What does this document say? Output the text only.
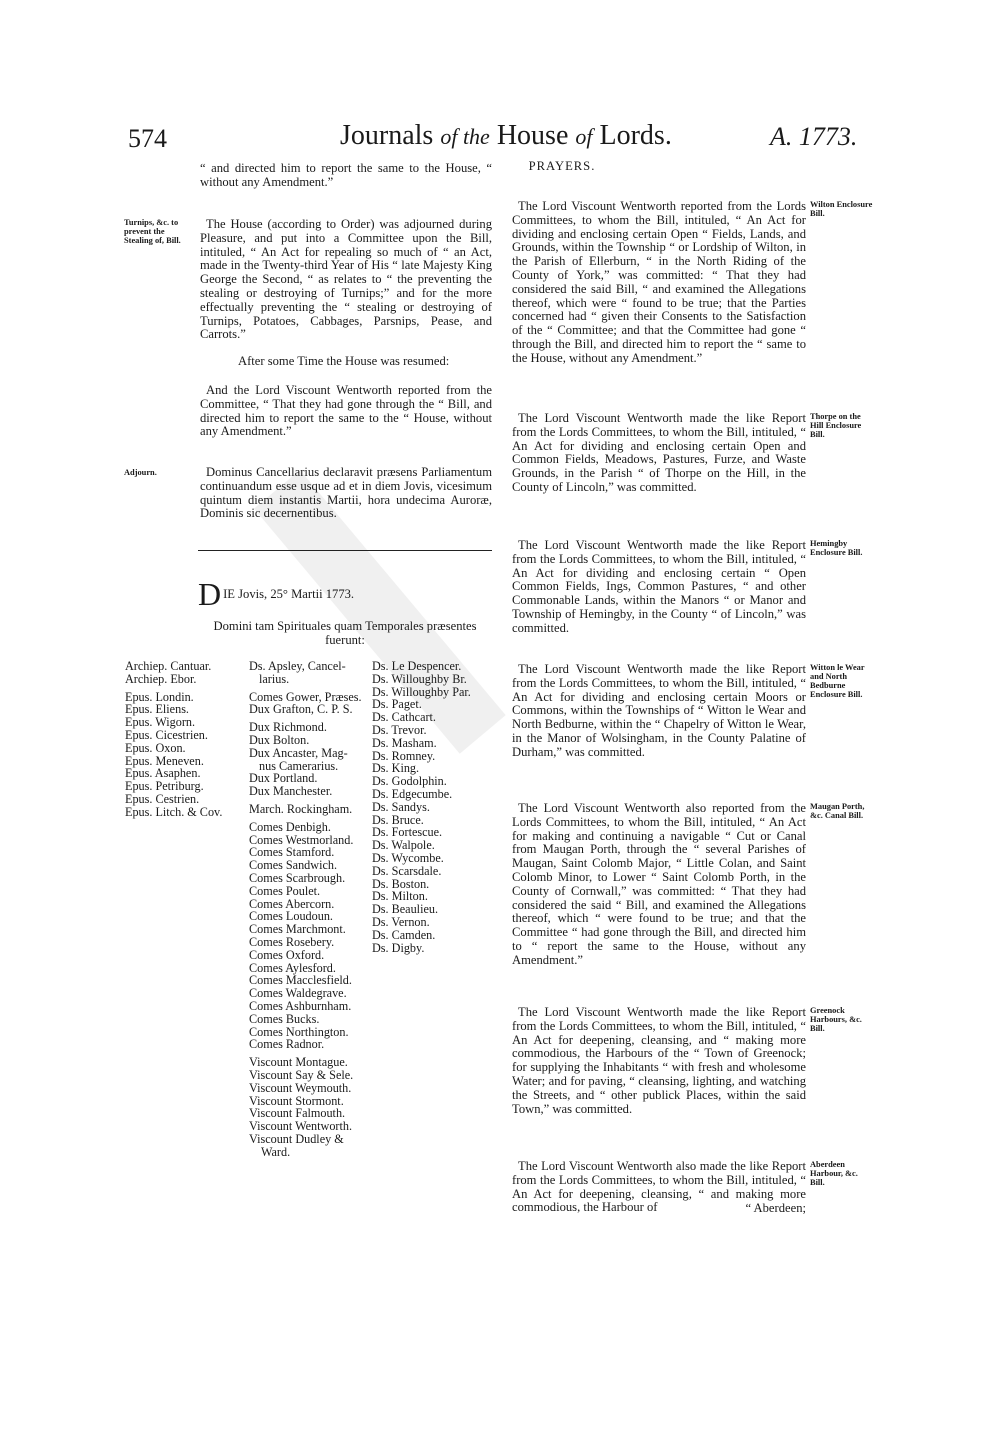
574	Journals of the House of Lords.	A. 1773.
“ and directed him to report the same to the House, “ without any Amendment.”
Turnips, &c. to prevent the Stealing of, Bill.
The House (according to Order) was adjourned during Pleasure, and put into a Committee upon the Bill, intituled, “ An Act for repealing so much of “ an Act, made in the Twenty-third Year of His “ late Majesty King George the Second, “ as relates to “ the preventing the stealing or destroying of Turnips;” and for the more effectually preventing the “ stealing or destroying of Turnips, Potatoes, Cabbages, Parsnips, Pease, and Carrots.”
After some Time the House was resumed:
And the Lord Viscount Wentworth reported from the Committee, “ That they had gone through the “ Bill, and directed him to report the same to the “ House, without any Amendment.”
Adjourn.	Dominus Cancellarius declaravit præsens Parliamentum continuandum esse usque ad et in diem Jovis, vicesimum quintum diem instantis Martii, hora undecima Auroræ, Dominis sic decernentibus.
D IE Jovis, 25° Martii 1773.
Domini tam Spirituales quam Temporales præsentes fuerunt:
Archiep. Cantuar.
Archiep. Ebor.
Epus. Londin.
Epus. Eliens.
Epus. Wigorn.
Epus. Cicestrien.
Epus. Oxon.
Epus. Meneven.
Epus. Asaphen.
Epus. Petriburg.
Epus. Cestrien.
Epus. Litch. & Cov.
Ds. Apsley, Cancel-
larius.
Comes Gower, Præses.
Dux Grafton, C. P. S.
Dux Richmond.
Dux Bolton.
Dux Ancaster, Mag-
nus Camerarius.
Dux Portland.
Dux Manchester.
March. Rockingham.
Comes Denbigh.
Comes Westmorland.
Comes Stamford.
Comes Sandwich.
Comes Scarbrough.
Comes Poulet.
Comes Abercorn.
Comes Loudoun.
Comes Marchmont.
Comes Rosebery.
Comes Oxford.
Comes Aylesford.
Comes Macclesfield.
Comes Waldegrave.
Comes Ashburnham.
Comes Bucks.
Comes Northington.
Comes Radnor.
Viscount Montague.
Viscount Say & Sele.
Viscount Weymouth.
Viscount Stormont.
Viscount Falmouth.
Viscount Wentworth.
Viscount Dudley &
Ward.
Ds. Le Despencer.
Ds. Willoughby Br.
Ds. Willoughby Par.
Ds. Paget.
Ds. Cathcart.
Ds. Trevor.
Ds. Masham.
Ds. Romney.
Ds. King.
Ds. Godolphin.
Ds. Edgecumbe.
Ds. Sandys.
Ds. Bruce.
Ds. Fortescue.
Ds. Walpole.
Ds. Wycombe.
Ds. Scarsdale.
Ds. Boston.
Ds. Milton.
Ds. Beaulieu.
Ds. Vernon.
Ds. Camden.
Ds. Digby.
PRAYERS.
The Lord Viscount Wentworth reported from the Lords Committees, to whom the Bill, intituled, “ An Act for dividing and enclosing certain Open “ Fields, Lands, and Grounds, within the Township “ or Lordship of Wilton, in the Parish of Ellerburn, “ in the North Riding of the County of York,” was committed: “ That they had considered the said Bill, “ and examined the Allegations thereof, which were “ found to be true; that the Parties concerned had “ given their Consents to the Satisfaction of the “ Committee; and that the Committee had gone “ through the Bill, and directed him to report the “ same to the House, without any Amendment.”
Wilton Enclosure Bill.
The Lord Viscount Wentworth made the like Report from the Lords Committees, to whom the Bill, intituled, “ An Act for dividing and enclosing certain Open and Common Fields, Meadows, Pastures, Furze, and Waste Grounds, in the Parish “ of Thorpe on the Hill, in the County of Lincoln,” was committed.
Thorpe on the Hill Enclosure Bill.
The Lord Viscount Wentworth made the like Report from the Lords Committees, to whom the Bill, intituled, “ An Act for dividing and enclosing certain “ Open Common Fields, Ings, Common Pastures, “ and other Commonable Lands, within the Manors “ or Manor and Township of Hemingby, in the County “ of Lincoln,” was committed.
Hemingby Enclosure Bill.
The Lord Viscount Wentworth made the like Report from the Lords Committees, to whom the Bill, intituled, “ An Act for dividing and enclosing certain Moors or Commons, within the Townships of “ Witton le Wear and North Bedburne, within the “ Chapelry of Witton le Wear, in the Manor of Wolsingham, in the County Palatine of Durham,” was committed.
Witton le Wear and North Bedburne Enclosure Bill.
The Lord Viscount Wentworth also reported from the Lords Committees, to whom the Bill, intituled, “ An Act for making and continuing a navigable “ Cut or Canal from Maugan Porth, through the “ several Parishes of Maugan, Saint Colomb Major, “ Little Colan, and Saint Colomb Minor, to Lower “ Saint Colomb Porth, in the County of Cornwall,” was committed: “ That they had considered the said “ Bill, and examined the Allegations thereof, which “ were found to be true; and that the Committee “ had gone through the Bill, and directed him to “ report the same to the House, without any Amendment.”
Maugan Porth, &c. Canal Bill.
The Lord Viscount Wentworth made the like Report from the Lords Committees, to whom the Bill, intituled, “ An Act for deepening, cleansing, and “ making more commodious, the Harbours of the “ Town of Greenock; for supplying the Inhabitants “ with fresh and wholesome Water; and for paving, “ cleansing, lighting, and watching the Streets, and “ other publick Places, within the said Town,” was committed.
Greenock Harbours, &c. Bill.
The Lord Viscount Wentworth also made the like Report from the Lords Committees, to whom the Bill, intituled, “ An Act for deepening, cleansing, “ and making more commodious, the Harbour of	“ Aberdeen;
Aberdeen Harbour, &c. Bill.
